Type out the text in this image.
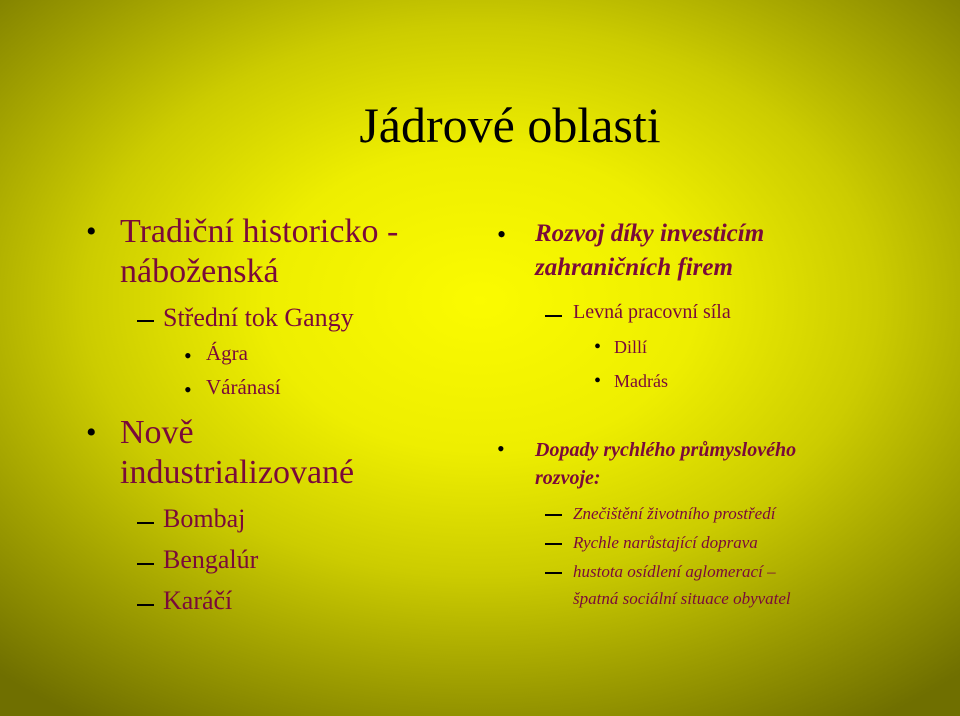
Jádrové oblasti
• Tradiční historicko -
náboženská
Střední tok Gangy
• Ágra
• Váránasí
• Nově
industrializované
Bombaj
Bengalúr
Karáčí
• Rozvoj díky investicím
zahraničních firem
Levná pracovní síla
• Dillí
• Madrás
• Dopady rychlého průmyslového
rozvoje:
Znečištění životního prostředí
Rychle narůstající doprava
hustota osídlení aglomerací –
špatná sociální situace obyvatel
